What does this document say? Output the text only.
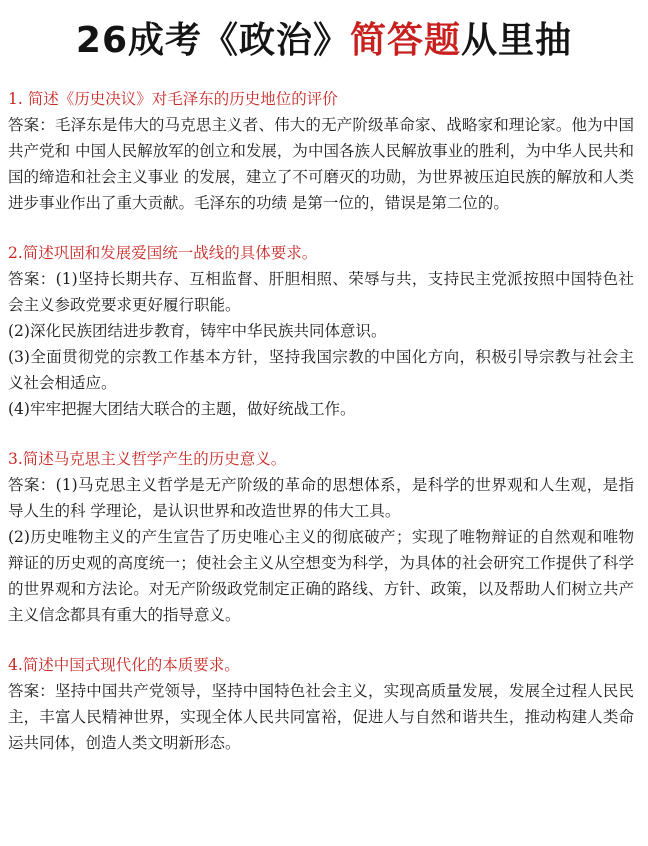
26成考《政治》简答题从里抽

1. 简述《历史决议》对毛泽东的历史地位的评价

答案：毛泽东是伟大的马克思主义者、伟大的无产阶级革命家、战略家和理论家。他为中国共产党和 中国人民解放军的创立和发展，为中国各族人民解放事业的胜利，为中华人民共和国的缔造和社会主义事业 的发展，建立了不可磨灭的功勋，为世界被压迫民族的解放和人类进步事业作出了重大贡献。毛泽东的功绩 是第一位的，错误是第二位的。

2.简述巩固和发展爱国统一战线的具体要求。

答案：(1)坚持长期共存、互相监督、肝胆相照、荣辱与共，支持民主党派按照中国特色社会主义参政党要求更好履行职能。

(2)深化民族团结进步教育，铸牢中华民族共同体意识。

(3)全面贯彻党的宗教工作基本方针，坚持我国宗教的中国化方向，积极引导宗教与社会主义社会相适应。

(4)牢牢把握大团结大联合的主题，做好统战工作。

3.简述马克思主义哲学产生的历史意义。

答案：(1)马克思主义哲学是无产阶级的革命的思想体系，是科学的世界观和人生观，是指导人生的科 学理论，是认识世界和改造世界的伟大工具。

(2)历史唯物主义的产生宣告了历史唯心主义的彻底破产；实现了唯物辩证的自然观和唯物辩证的历史观的高度统一；使社会主义从空想变为科学，为具体的社会研究工作提供了科学的世界观和方法论。对无产阶级政党制定正确的路线、方针、政策，以及帮助人们树立共产主义信念都具有重大的指导意义。

4.简述中国式现代化的本质要求。

答案：坚持中国共产党领导，坚持中国特色社会主义，实现高质量发展，发展全过程人民民主，丰富人民精神世界，实现全体人民共同富裕，促进人与自然和谐共生，推动构建人类命运共同体，创造人类文明新形态。
